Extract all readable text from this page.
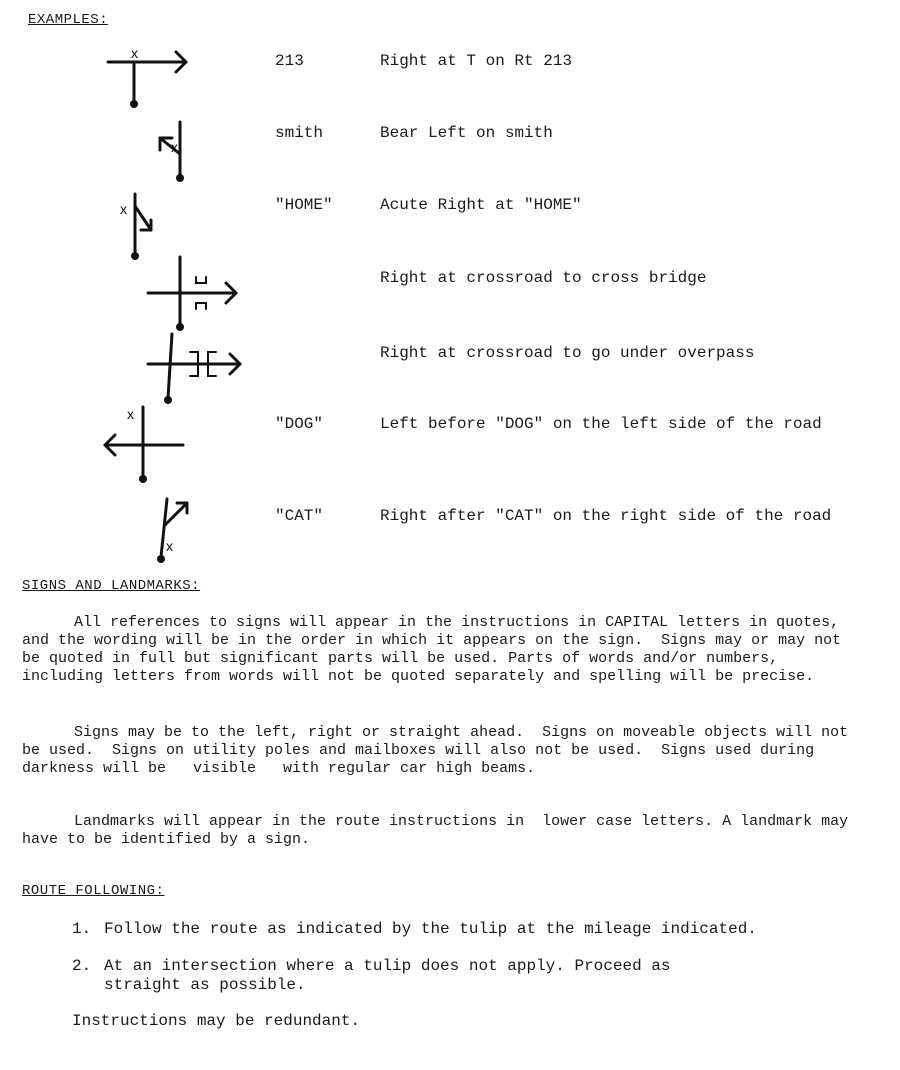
EXAMPLES:
x	213	Right at T on Rt 213
x
smith	Bear Left on smith
x	"HOME"	Acute Right at "HOME"
Right at crossroad to cross bridge
Right at crossroad to go under overpass
x
"DOG"	Left before "DOG" on the left side of the road
x
"CAT"	Right after "CAT" on the right side of the road
SIGNS AND LANDMARKS:
All references to signs will appear in the instructions in CAPITAL letters in quotes, and the wording will be in the order in which it appears on the sign.  Signs may or may not be quoted in full but significant parts will be used. Parts of words and/or numbers, including letters from words will not be quoted separately and spelling will be precise.
Signs may be to the left, right or straight ahead.  Signs on moveable objects will not be used.  Signs on utility poles and mailboxes will also not be used.  Signs used during darkness will be   visible   with regular car high beams.
Landmarks will appear in the route instructions in  lower case letters. A landmark may have to be identified by a sign.
ROUTE FOLLOWING:
1. Follow the route as indicated by the tulip at the mileage indicated.
2. At an intersection where a tulip does not apply. Proceed as
straight as possible.
Instructions may be redundant.
